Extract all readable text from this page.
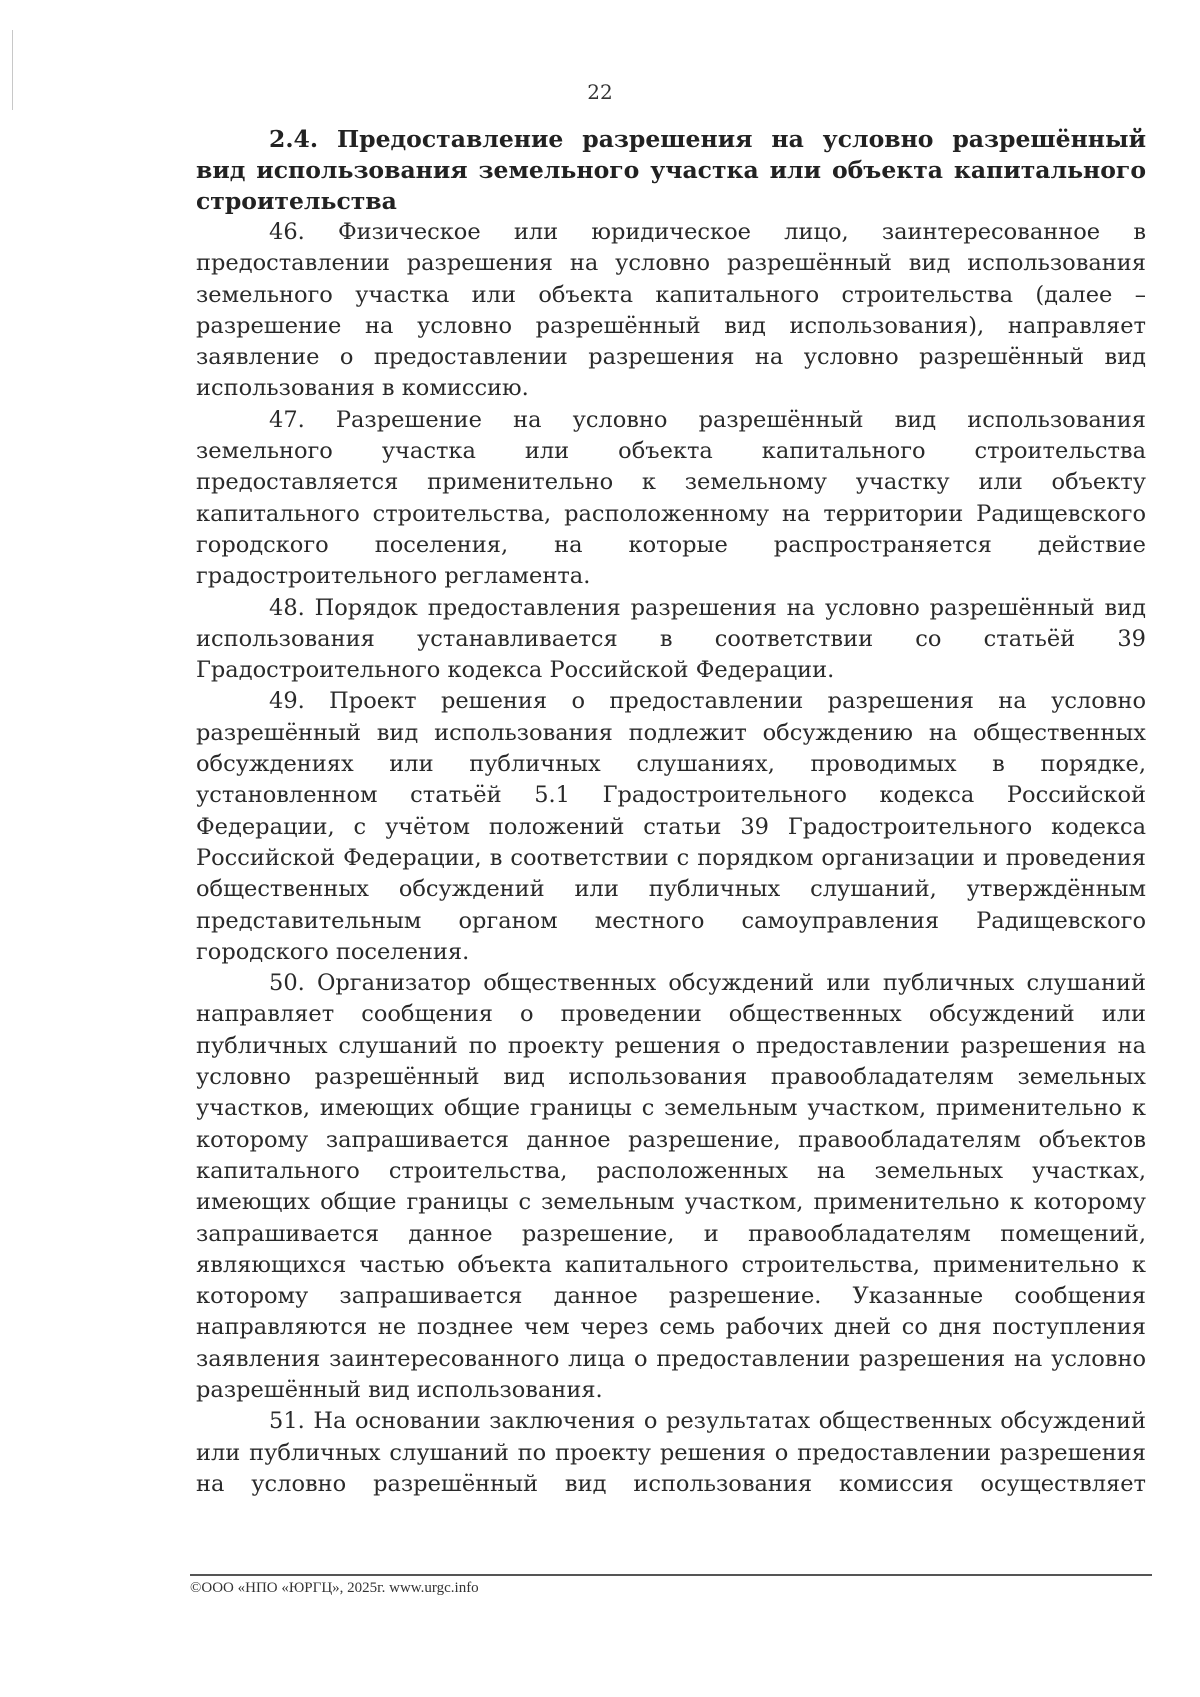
22
2.4. Предоставление разрешения на условно разрешённый вид использования земельного участка или объекта капитального строительства

46. Физическое или юридическое лицо, заинтересованное в предоставлении разрешения на условно разрешённый вид использования земельного участка или объекта капитального строительства (далее – разрешение на условно разрешённый вид использования), направляет заявление о предоставлении разрешения на условно разрешённый вид использования в комиссию.

47. Разрешение на условно разрешённый вид использования земельного участка или объекта капитального строительства предоставляется применительно к земельному участку или объекту капитального строительства, расположенному на территории Радищевского городского поселения, на которые распространяется действие градостроительного регламента.

48. Порядок предоставления разрешения на условно разрешённый вид использования устанавливается в соответствии со статьёй 39 Градостроительного кодекса Российской Федерации.

49. Проект решения о предоставлении разрешения на условно разрешённый вид использования подлежит обсуждению на общественных обсуждениях или публичных слушаниях, проводимых в порядке, установленном статьёй 5.1 Градостроительного кодекса Российской Федерации, с учётом положений статьи 39 Градостроительного кодекса Российской Федерации, в соответствии с порядком организации и проведения общественных обсуждений или публичных слушаний, утверждённым представительным органом местного самоуправления Радищевского городского поселения.

50. Организатор общественных обсуждений или публичных слушаний направляет сообщения о проведении общественных обсуждений или публичных слушаний по проекту решения о предоставлении разрешения на условно разрешённый вид использования правообладателям земельных участков, имеющих общие границы с земельным участком, применительно к которому запрашивается данное разрешение, правообладателям объектов капитального строительства, расположенных на земельных участках, имеющих общие границы с земельным участком, применительно к которому запрашивается данное разрешение, и правообладателям помещений, являющихся частью объекта капитального строительства, применительно к которому запрашивается данное разрешение. Указанные сообщения направляются не позднее чем через семь рабочих дней со дня поступления заявления заинтересованного лица о предоставлении разрешения на условно разрешённый вид использования.

51. На основании заключения о результатах общественных обсуждений или публичных слушаний по проекту решения о предоставлении разрешения на условно разрешённый вид использования комиссия осуществляет

©ООО «НПО «ЮРГЦ», 2025г. www.urgc.info
